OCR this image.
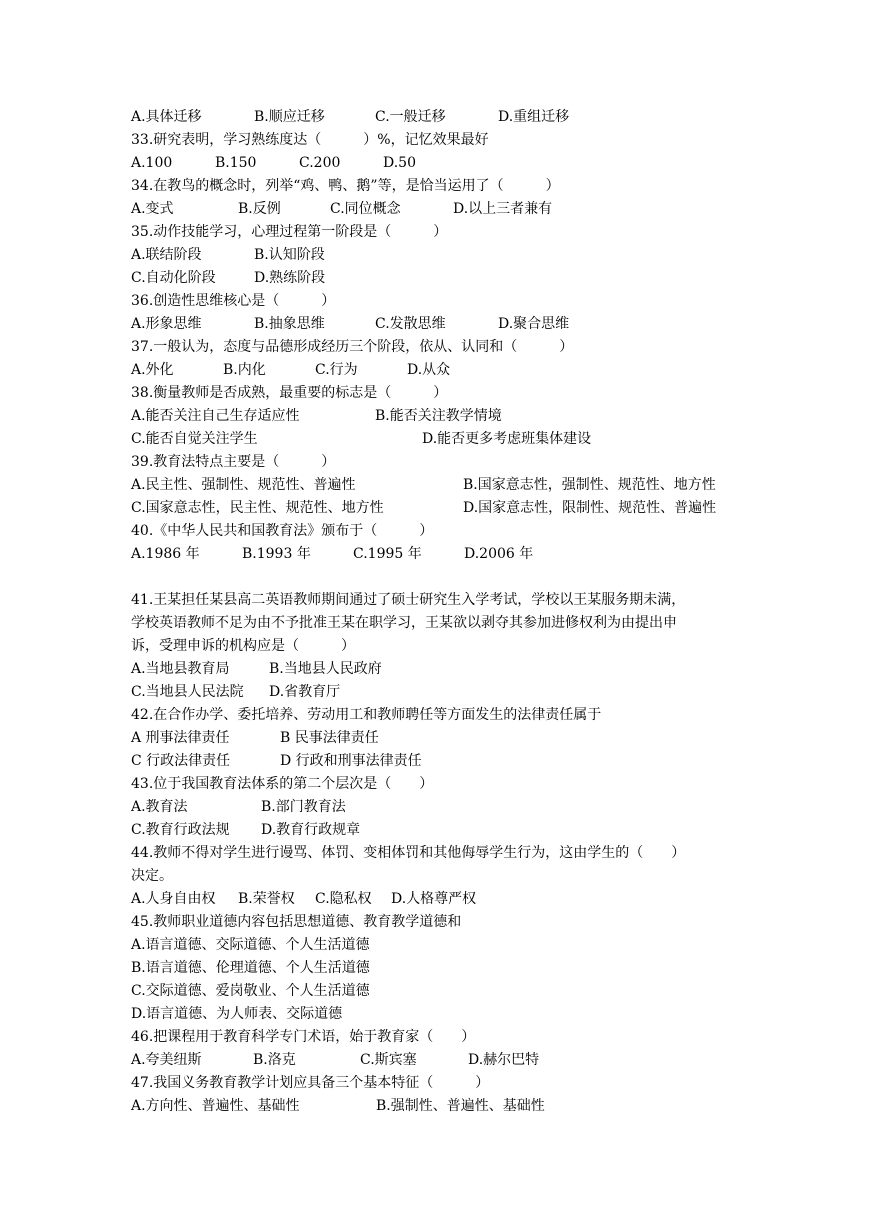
A.具体迁移	B.顺应迁移	C.一般迁移	D.重组迁移
33.研究表明，学习熟练度达（　　　）%，记忆效果最好
A.100	B.150	C.200	D.50
34.在教鸟的概念时，列举“鸡、鸭、鹅”等，是恰当运用了（　　　）
A.变式	B.反例	C.同位概念	D.以上三者兼有
35.动作技能学习，心理过程第一阶段是（　　　）
A.联结阶段	B.认知阶段
C.自动化阶段	D.熟练阶段
36.创造性思维核心是（　　　）
A.形象思维	B.抽象思维	C.发散思维	D.聚合思维
37.一般认为，态度与品德形成经历三个阶段，依从、认同和（　　　）
A.外化	B.内化	C.行为	D.从众
38.衡量教师是否成熟，最重要的标志是（　　　）
A.能否关注自己生存适应性	B.能否关注教学情境
C.能否自觉关注学生	D.能否更多考虑班集体建设
39.教育法特点主要是（　　　）
A.民主性、强制性、规范性、普遍性	B.国家意志性，强制性、规范性、地方性
C.国家意志性，民主性、规范性、地方性	D.国家意志性，限制性、规范性、普遍性
40.《中华人民共和国教育法》颁布于（　　　）
A.1986 年	B.1993 年	C.1995 年	D.2006 年
41.王某担任某县高二英语教师期间通过了硕士研究生入学考试，学校以王某服务期未满，
学校英语教师不足为由不予批准王某在职学习，王某欲以剥夺其参加进修权利为由提出申
诉，受理申诉的机构应是（　　　）
A.当地县教育局	B.当地县人民政府
C.当地县人民法院 D.省教育厅
42.在合作办学、委托培养、劳动用工和教师聘任等方面发生的法律责任属于
A 刑事法律责任	B 民事法律责任
C 行政法律责任	D 行政和刑事法律责任
43.位于我国教育法体系的第二个层次是（　　）
A.教育法	B.部门教育法
C.教育行政法规 D.教育行政规章
44.教师不得对学生进行谩骂、体罚、变相体罚和其他侮辱学生行为，这由学生的（　　）
决定。
A.人身自由权 B.荣誉权 C.隐私权 D.人格尊严权
45.教师职业道德内容包括思想道德、教育教学道德和
A.语言道德、交际道德、个人生活道德
B.语言道德、伦理道德、个人生活道德
C.交际道德、爱岗敬业、个人生活道德
D.语言道德、为人师表、交际道德
46.把课程用于教育科学专门术语，始于教育家（　　）
A.夸美纽斯	B.洛克	C.斯宾塞	D.赫尔巴特
47.我国义务教育教学计划应具备三个基本特征（　　　）
A.方向性、普遍性、基础性	B.强制性、普遍性、基础性
